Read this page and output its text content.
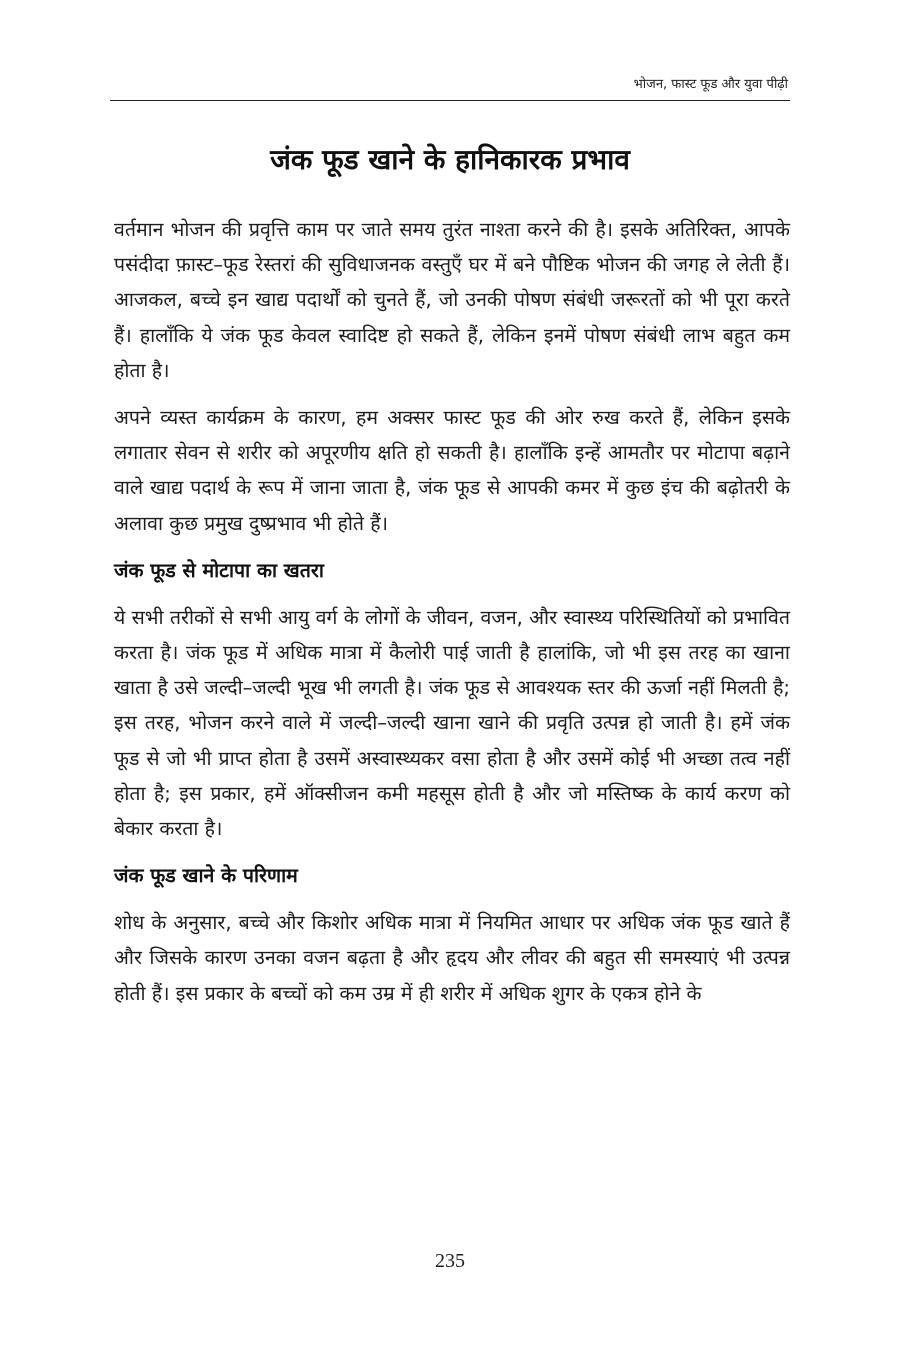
भोजन, फास्ट फूड और युवा पीढ़ी
जंक फूड खाने के हानिकारक प्रभाव

वर्तमान भोजन की प्रवृत्ति काम पर जाते समय तुरंत नाश्ता करने की है। इसके अतिरिक्त, आपके पसंदीदा फ़ास्ट–फूड रेस्तरां की सुविधाजनक वस्तुएँ घर में बने पौष्टिक भोजन की जगह ले लेती हैं। आजकल, बच्चे इन खाद्य पदार्थों को चुनते हैं, जो उनकी पोषण संबंधी जरूरतों को भी पूरा करते हैं। हालाँकि ये जंक फूड केवल स्वादिष्ट हो सकते हैं, लेकिन इनमें पोषण संबंधी लाभ बहुत कम होता है।

अपने व्यस्त कार्यक्रम के कारण, हम अक्सर फास्ट फूड की ओर रुख करते हैं, लेकिन इसके लगातार सेवन से शरीर को अपूरणीय क्षति हो सकती है। हालाँकि इन्हें आमतौर पर मोटापा बढ़ाने वाले खाद्य पदार्थ के रूप में जाना जाता है, जंक फूड से आपकी कमर में कुछ इंच की बढ़ोतरी के अलावा कुछ प्रमुख दुष्प्रभाव भी होते हैं।

जंक फूड से मोटापा का खतरा

ये सभी तरीकों से सभी आयु वर्ग के लोगों के जीवन, वजन, और स्वास्थ्य परिस्थितियों को प्रभावित करता है। जंक फूड में अधिक मात्रा में कैलोरी पाई जाती है हालांकि, जो भी इस तरह का खाना खाता है उसे जल्दी–जल्दी भूख भी लगती है। जंक फूड से आवश्यक स्तर की ऊर्जा नहीं मिलती है; इस तरह, भोजन करने वाले में जल्दी–जल्दी खाना खाने की प्रवृति उत्पन्न हो जाती है। हमें जंक फूड से जो भी प्राप्त होता है उसमें अस्वास्थ्यकर वसा होता है और उसमें कोई भी अच्छा तत्व नहीं होता है; इस प्रकार, हमें ऑक्सीजन कमी महसूस होती है और जो मस्तिष्क के कार्य करण को बेकार करता है।

जंक फूड खाने के परिणाम

शोध के अनुसार, बच्चे और किशोर अधिक मात्रा में नियमित आधार पर अधिक जंक फूड खाते हैं और जिसके कारण उनका वजन बढ़ता है और हृदय और लीवर की बहुत सी समस्याएं भी उत्पन्न होती हैं। इस प्रकार के बच्चों को कम उम्र में ही शरीर में अधिक शुगर के एकत्र होने के

235
